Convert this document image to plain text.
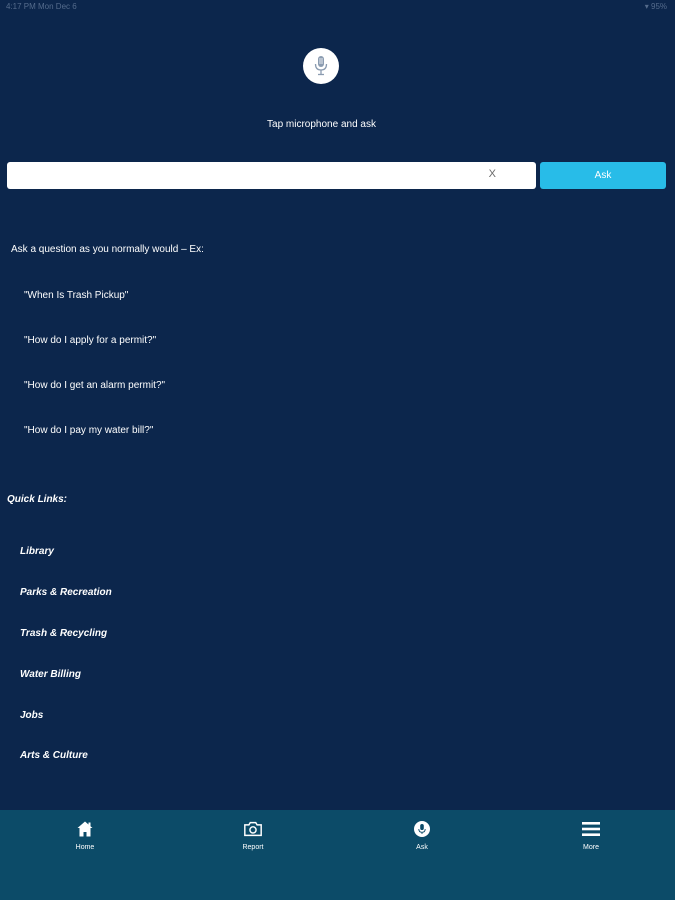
4:17 PM Mon Dec 6	▾ 95%
Tap microphone and ask
X	Ask
Ask a question as you normally would – Ex:
"When Is Trash Pickup"
"How do I apply for a permit?"
"How do I get an alarm permit?"
"How do I pay my water bill?"
Quick Links:
Library
Parks & Recreation
Trash & Recycling
Water Billing
Jobs
Arts & Culture
Home	Report	Ask	More
